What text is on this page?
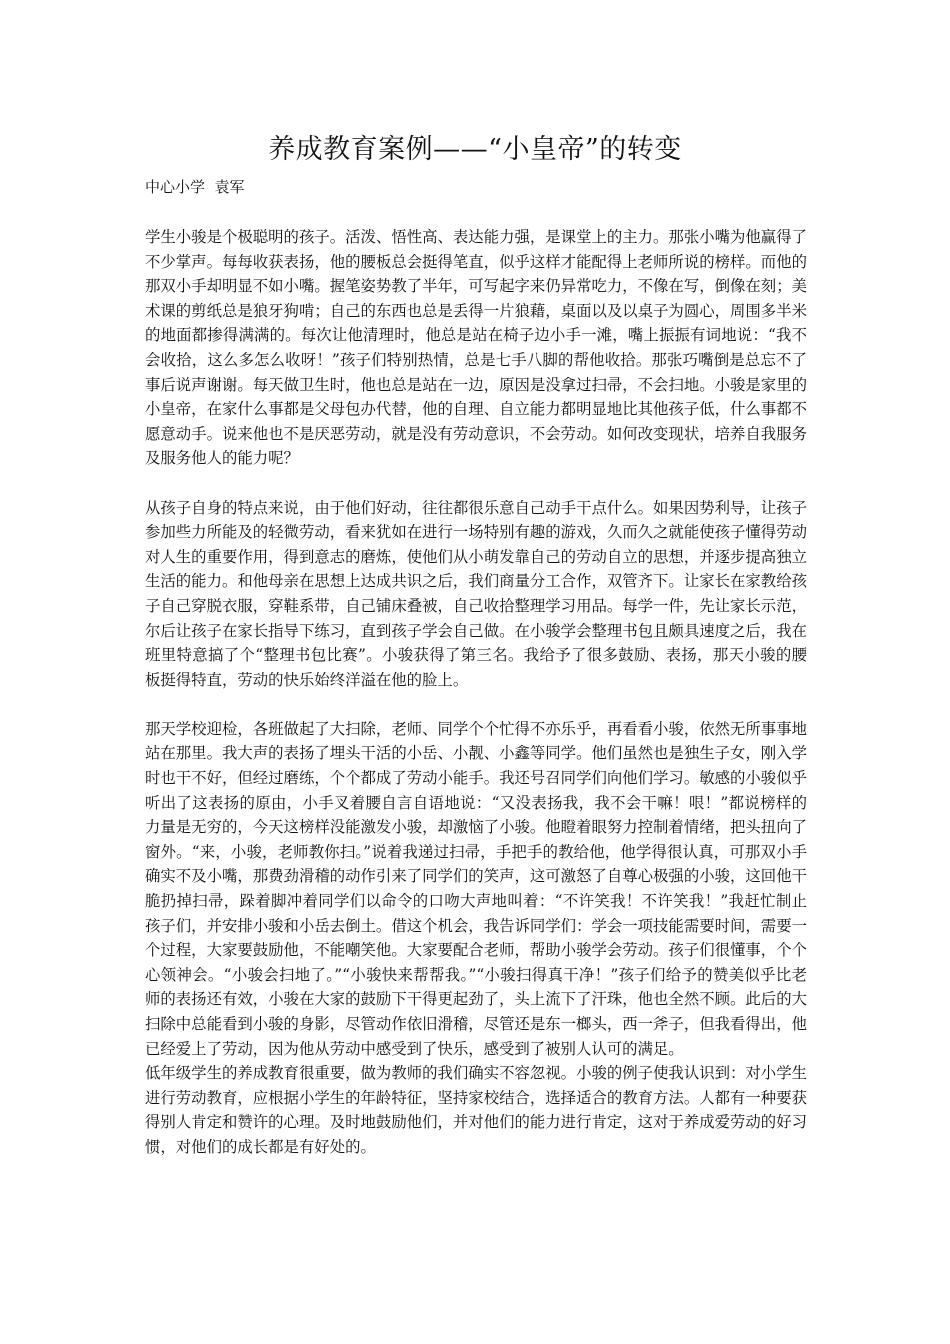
养成教育案例——“小皇帝”的转变
中心小学  袁军

学生小骏是个极聪明的孩子。活泼、悟性高、表达能力强，是课堂上的主力。那张小嘴为他赢得了不少掌声。每每收获表扬，他的腰板总会挺得笔直，似乎这样才能配得上老师所说的榜样。而他的那双小手却明显不如小嘴。握笔姿势教了半年，可写起字来仍异常吃力，不像在写，倒像在刻；美术课的剪纸总是狼牙狗啃；自己的东西也总是丢得一片狼藉，桌面以及以桌子为圆心，周围多半米的地面都掺得满满的。每次让他清理时，他总是站在椅子边小手一滩，嘴上振振有词地说：“我不会收拾，这么多怎么收呀！”孩子们特别热情，总是七手八脚的帮他收拾。那张巧嘴倒是总忘不了事后说声谢谢。每天做卫生时，他也总是站在一边，原因是没拿过扫帚，不会扫地。小骏是家里的小皇帝，在家什么事都是父母包办代替，他的自理、自立能力都明显地比其他孩子低，什么事都不愿意动手。说来他也不是厌恶劳动，就是没有劳动意识，不会劳动。如何改变现状，培养自我服务及服务他人的能力呢？

从孩子自身的特点来说，由于他们好动，往往都很乐意自己动手干点什么。如果因势利导，让孩子参加些力所能及的轻微劳动，看来犹如在进行一场特别有趣的游戏，久而久之就能使孩子懂得劳动对人生的重要作用，得到意志的磨炼，使他们从小萌发靠自己的劳动自立的思想，并逐步提高独立生活的能力。和他母亲在思想上达成共识之后，我们商量分工合作，双管齐下。让家长在家教给孩子自己穿脱衣服，穿鞋系带，自己铺床叠被，自己收拾整理学习用品。每学一件，先让家长示范，尔后让孩子在家长指导下练习，直到孩子学会自己做。在小骏学会整理书包且颇具速度之后，我在班里特意搞了个“整理书包比赛”。小骏获得了第三名。我给予了很多鼓励、表扬，那天小骏的腰板挺得特直，劳动的快乐始终洋溢在他的脸上。

那天学校迎检，各班做起了大扫除，老师、同学个个忙得不亦乐乎，再看看小骏，依然无所事事地站在那里。我大声的表扬了埋头干活的小岳、小靓、小鑫等同学。他们虽然也是独生子女，刚入学时也干不好，但经过磨练，个个都成了劳动小能手。我还号召同学们向他们学习。敏感的小骏似乎听出了这表扬的原由，小手叉着腰自言自语地说：“又没表扬我，我不会干嘛！哏！”都说榜样的力量是无穷的，今天这榜样没能激发小骏，却激恼了小骏。他瞪着眼努力控制着情绪，把头扭向了窗外。“来，小骏，老师教你扫。”说着我递过扫帚，手把手的教给他，他学得很认真，可那双小手确实不及小嘴，那费劲滑稽的动作引来了同学们的笑声，这可激怒了自尊心极强的小骏，这回他干脆扔掉扫帚，跺着脚冲着同学们以命令的口吻大声地叫着：“不许笑我！不许笑我！”我赶忙制止孩子们，并安排小骏和小岳去倒土。借这个机会，我告诉同学们：学会一项技能需要时间，需要一个过程，大家要鼓励他，不能嘲笑他。大家要配合老师，帮助小骏学会劳动。孩子们很懂事，个个心领神会。“小骏会扫地了。”“小骏快来帮帮我。”“小骏扫得真干净！”孩子们给予的赞美似乎比老师的表扬还有效，小骏在大家的鼓励下干得更起劲了，头上流下了汗珠，他也全然不顾。此后的大扫除中总能看到小骏的身影，尽管动作依旧滑稽，尽管还是东一榔头，西一斧子，但我看得出，他已经爱上了劳动，因为他从劳动中感受到了快乐，感受到了被别人认可的满足。

低年级学生的养成教育很重要，做为教师的我们确实不容忽视。小骏的例子使我认识到：对小学生进行劳动教育，应根据小学生的年龄特征，坚持家校结合，选择适合的教育方法。人都有一种要获得别人肯定和赞许的心理。及时地鼓励他们，并对他们的能力进行肯定，这对于养成爱劳动的好习惯，对他们的成长都是有好处的。
